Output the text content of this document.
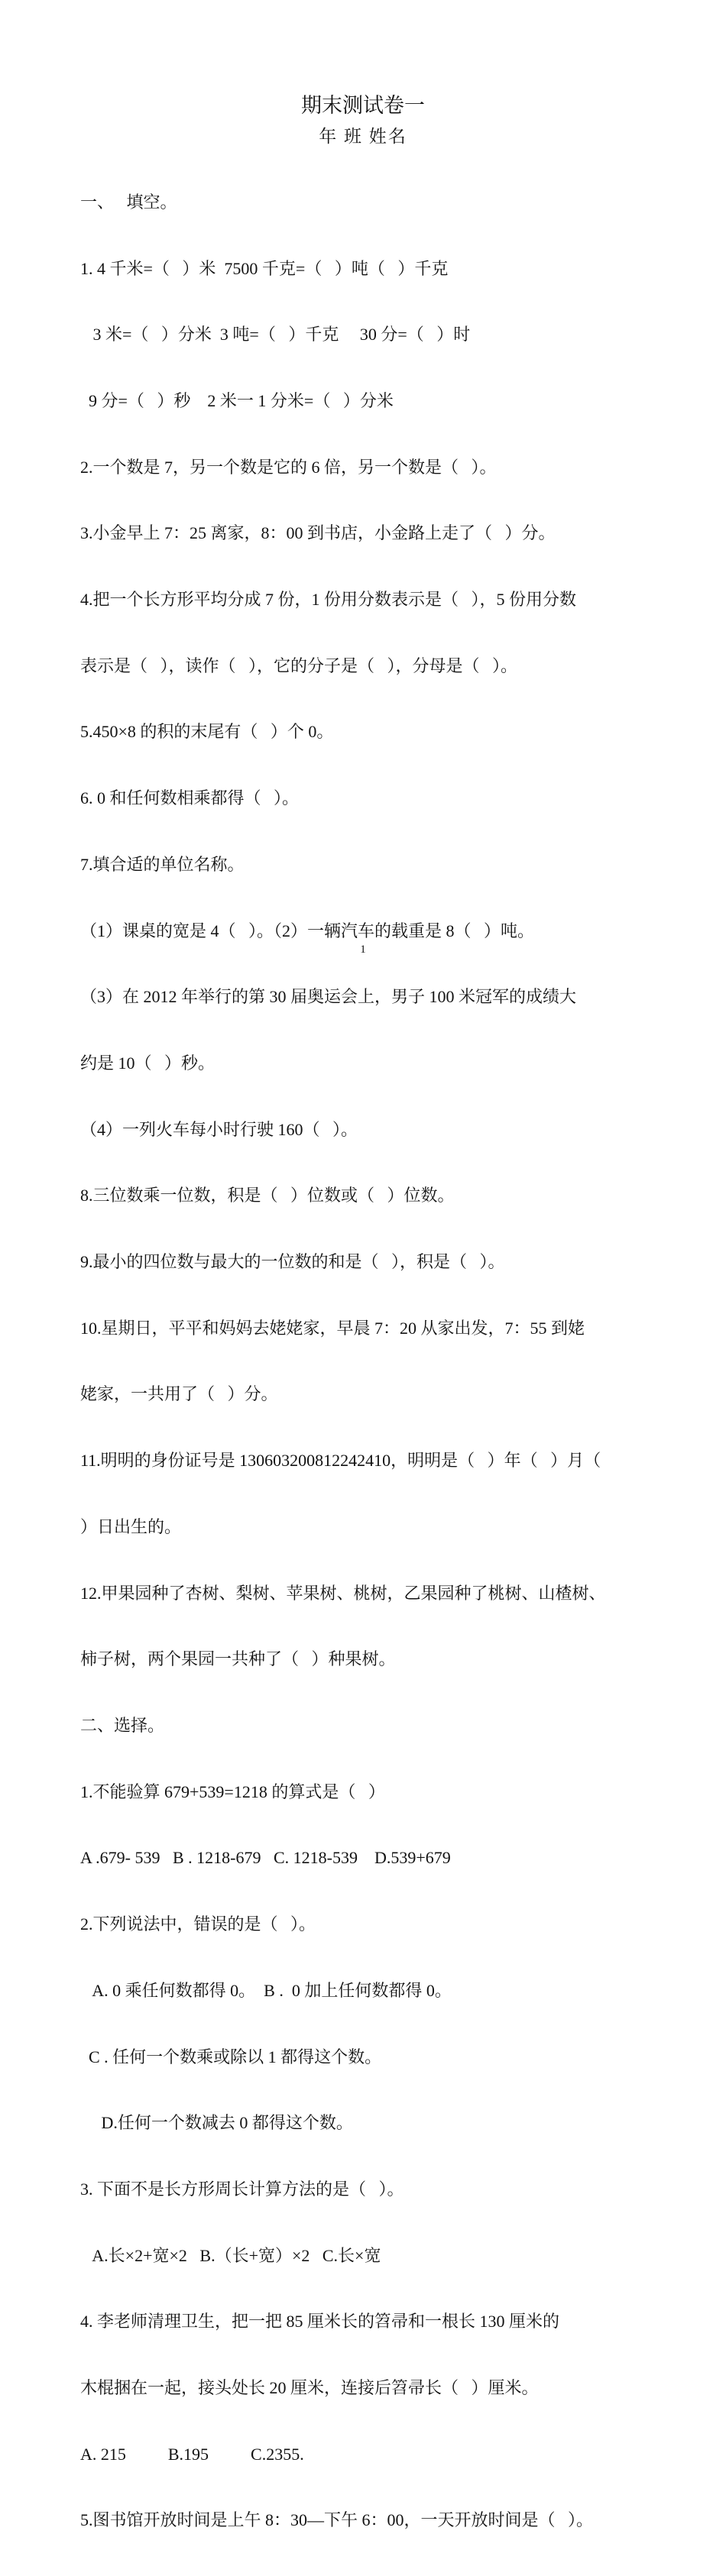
期末测试卷一
年 班 姓名

一、   填空。

1. 4 千米=（   ）米  7500 千克=（   ）吨（   ）千克

3 米=（   ）分米  3 吨=（   ）千克     30 分=（   ）时

9 分=（   ）秒    2 米一 1 分米=（   ）分米

2.一个数是 7，另一个数是它的 6 倍，另一个数是（   ）。

3.小金早上 7：25 离家，8：00 到书店，小金路上走了（   ）分。

4.把一个长方形平均分成 7 份，1 份用分数表示是（   ），5 份用分数

表示是（   ），读作（   ），它的分子是（   ），分母是（   ）。

5.450×8 的积的末尾有（   ）个 0。

6. 0 和任何数相乘都得（   ）。

7.填合适的单位名称。

（1）课桌的宽是 4（   ）。（2）一辆汽车的载重是 8（   ）吨。

（3）在 2012 年举行的第 30 届奥运会上，男子 100 米冠军的成绩大

约是 10（   ）秒。

（4）一列火车每小时行驶 160（   ）。

8.三位数乘一位数，积是（   ）位数或（   ）位数。

9.最小的四位数与最大的一位数的和是（   ），积是（   ）。

10.星期日，平平和妈妈去姥姥家，早晨 7：20 从家出发，7：55 到姥

姥家，一共用了（   ）分。

11.明明的身份证号是 130603200812242410，明明是（   ）年（   ）月（

）日出生的。

12.甲果园种了杏树、梨树、苹果树、桃树，乙果园种了桃树、山楂树、

柿子树，两个果园一共种了（   ）种果树。

二、选择。

1.不能验算 679+539=1218 的算式是（   ）

A .679- 539   B . 1218-679   C. 1218-539    D.539+679

2.下列说法中，错误的是（   ）。

A. 0 乘任何数都得 0。  B .  0 加上任何数都得 0。

C . 任何一个数乘或除以 1 都得这个数。

D.任何一个数减去 0 都得这个数。

3. 下面不是长方形周长计算方法的是（   ）。

A.长×2+宽×2   B.（长+宽）×2   C.长×宽

4. 李老师清理卫生，把一把 85 厘米长的笤帚和一根长 130 厘米的

木棍捆在一起，接头处长 20 厘米，连接后笤帚长（   ）厘米。

A. 215          B.195          C.2355.

5.图书馆开放时间是上午 8：30—下午 6：00，一天开放时间是（   ）。

1
